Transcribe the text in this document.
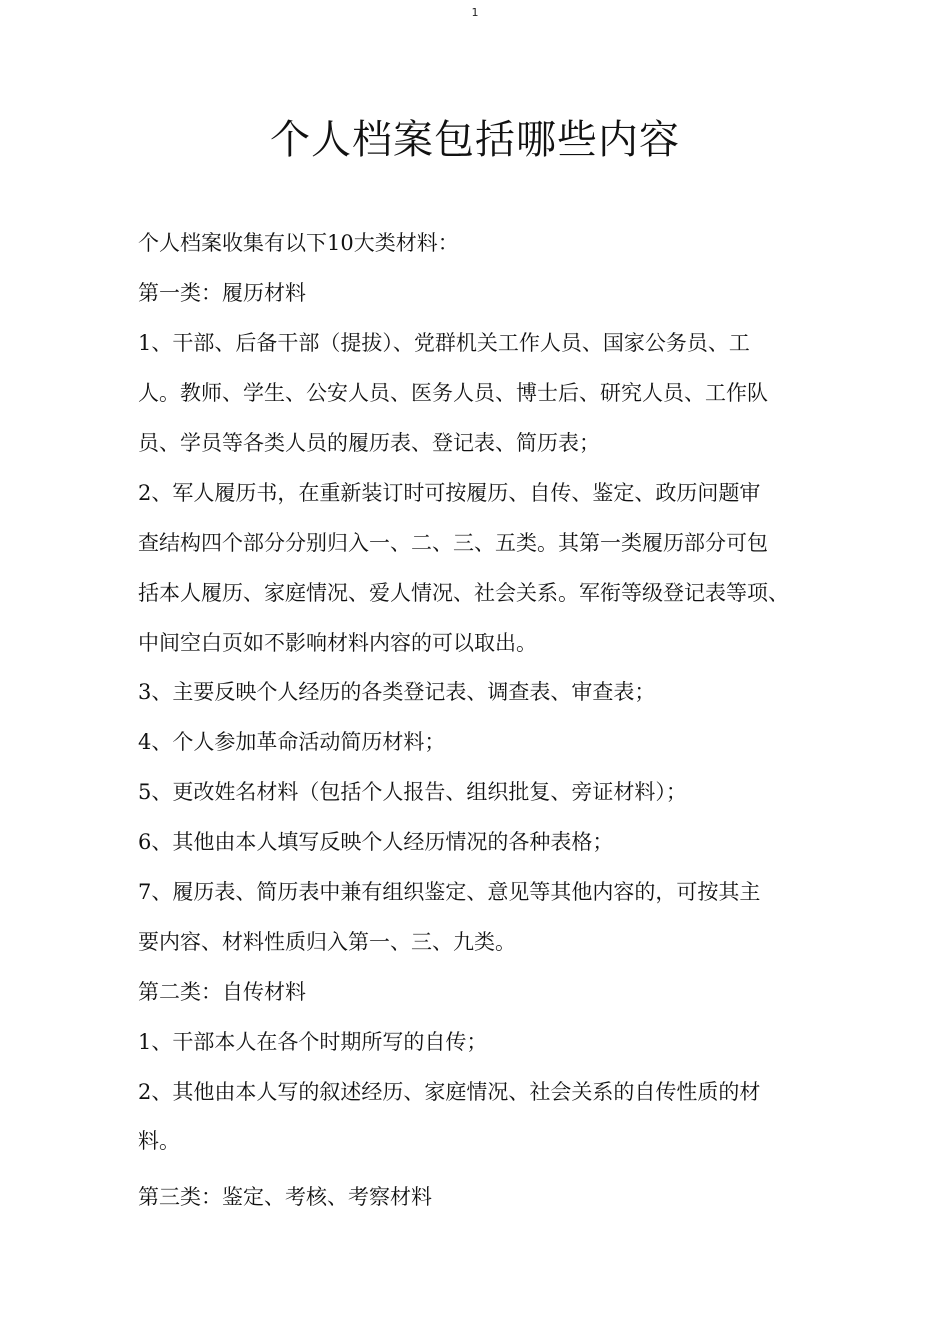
1
个人档案包括哪些内容

个人档案收集有以下10大类材料：

第一类：履历材料

1、干部、后备干部（提拔）、党群机关工作人员、国家公务员、工

人。教师、学生、公安人员、医务人员、博士后、研究人员、工作队

员、学员等各类人员的履历表、登记表、简历表；

2、军人履历书，在重新装订时可按履历、自传、鉴定、政历问题审

查结构四个部分分别归入一、二、三、五类。其第一类履历部分可包

括本人履历、家庭情况、爱人情况、社会关系。军衔等级登记表等项、

中间空白页如不影响材料内容的可以取出。

3、主要反映个人经历的各类登记表、调查表、审查表；

4、个人参加革命活动简历材料；

5、更改姓名材料（包括个人报告、组织批复、旁证材料）；

6、其他由本人填写反映个人经历情况的各种表格；

7、履历表、简历表中兼有组织鉴定、意见等其他内容的，可按其主

要内容、材料性质归入第一、三、九类。

第二类：自传材料

1、干部本人在各个时期所写的自传；

2、其他由本人写的叙述经历、家庭情况、社会关系的自传性质的材

料。

第三类：鉴定、考核、考察材料
